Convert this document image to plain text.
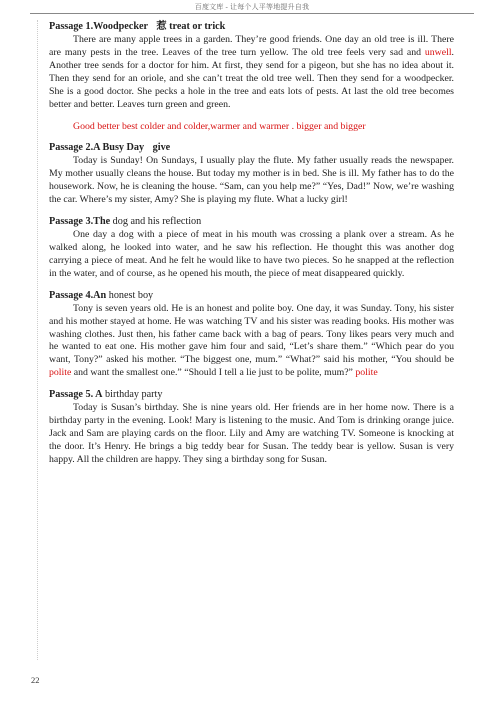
百度文库 - 让每个人平等地提升自我

Passage 1.Woodpecker 惹 treat or trick

There are many apple trees in a garden. They’re good friends. One day an old tree is ill. There are many pests in the tree. Leaves of the tree turn yellow. The old tree feels very sad and unwell. Another tree sends for a doctor for him. At first, they send for a pigeon, but she has no idea about it. Then they send for an oriole, and she can’t treat the old tree well. Then they send for a woodpecker. She is a good doctor. She pecks a hole in the tree and eats lots of pests. At last the old tree becomes better and better. Leaves turn green and green.

Good better best colder and colder,warmer and warmer . bigger and bigger

Passage 2.A Busy Day give

Today is Sunday! On Sundays, I usually play the flute. My father usually reads the newspaper. My mother usually cleans the house. But today my mother is in bed. She is ill. My father has to do the housework. Now, he is cleaning the house. “Sam, can you help me?” “Yes, Dad!” Now, we’re washing the car. Where’s my sister, Amy? She is playing my flute. What a lucky girl!

Passage 3.The dog and his reflection

One day a dog with a piece of meat in his mouth was crossing a plank over a stream. As he walked along, he looked into water, and he saw his reflection. He thought this was another dog carrying a piece of meat. And he felt he would like to have two pieces. So he snapped at the reflection in the water, and of course, as he opened his mouth, the piece of meat disappeared quickly.

Passage 4.An honest boy

Tony is seven years old. He is an honest and polite boy. One day, it was Sunday. Tony, his sister and his mother stayed at home. He was watching TV and his sister was reading books. His mother was washing clothes. Just then, his father came back with a bag of pears. Tony likes pears very much and he wanted to eat one. His mother gave him four and said, “Let’s share them.” “Which pear do you want, Tony?” asked his mother. “The biggest one, mum.” “What?” said his mother, “You should be polite and want the smallest one.” “Should I tell a lie just to be polite, mum?” polite

Passage 5. A birthday party

Today is Susan’s birthday. She is nine years old. Her friends are in her home now. There is a birthday party in the evening. Look! Mary is listening to the music. And Tom is drinking orange juice. Jack and Sam are playing cards on the floor. Lily and Amy are watching TV. Someone is knocking at the door. It’s Henry. He brings a big teddy bear for Susan. The teddy bear is yellow. Susan is very happy. All the children are happy. They sing a birthday song for Susan.

22
